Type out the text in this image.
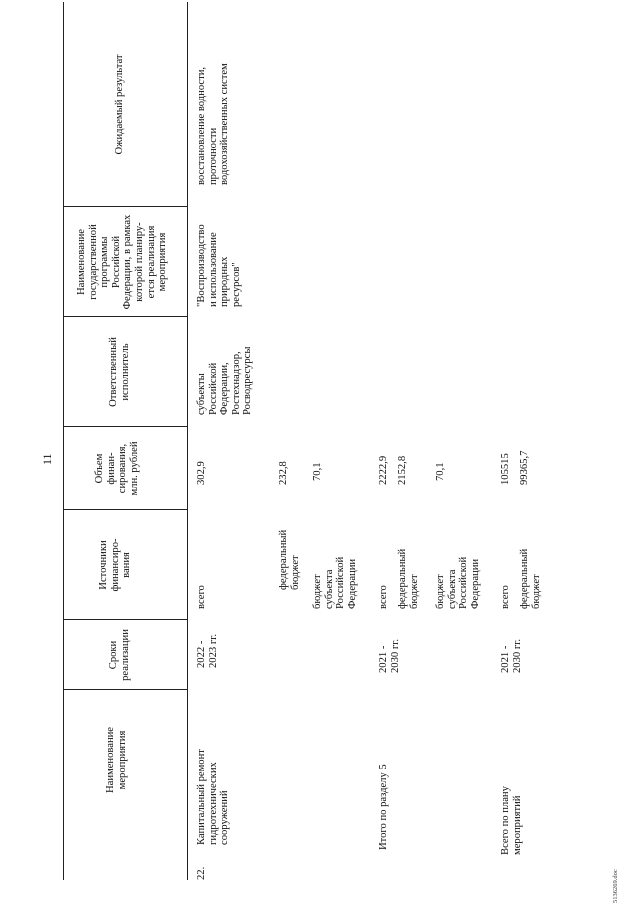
11
Наименование
мероприятия
Сроки
реализации
Источники
финансиро-
вания
Объем
финан-
сирования,
млн. рублей
Ответственный
исполнитель
Наименование
государственной
программы
Российской
Федерации, в рамках
которой планиру-
ется реализация
мероприятия
Ожидаемый результат
22.
Капитальный ремонт
гидротехнических
сооружений
2022 -
2023 гг.
всего
302,9
федеральный
бюджет
232,8
бюджет
субъекта
Российской
Федерации
70,1
субъекты
Российской
Федерации,
Ростехнадзор,
Росводресурсы
"Воспроизводство
и использование
природных
ресурсов"
восстановление водности,
проточности
водохозяйственных систем
Итого по разделу 5
2021 -
2030 гг.
всего
2222,9
федеральный
бюджет
2152,8
бюджет
субъекта
Российской
Федерации
70,1
Всего по плану
мероприятий
2021 -
2030 гг.
всего
105515
федеральный
бюджет
99365,7
5136269.doc
